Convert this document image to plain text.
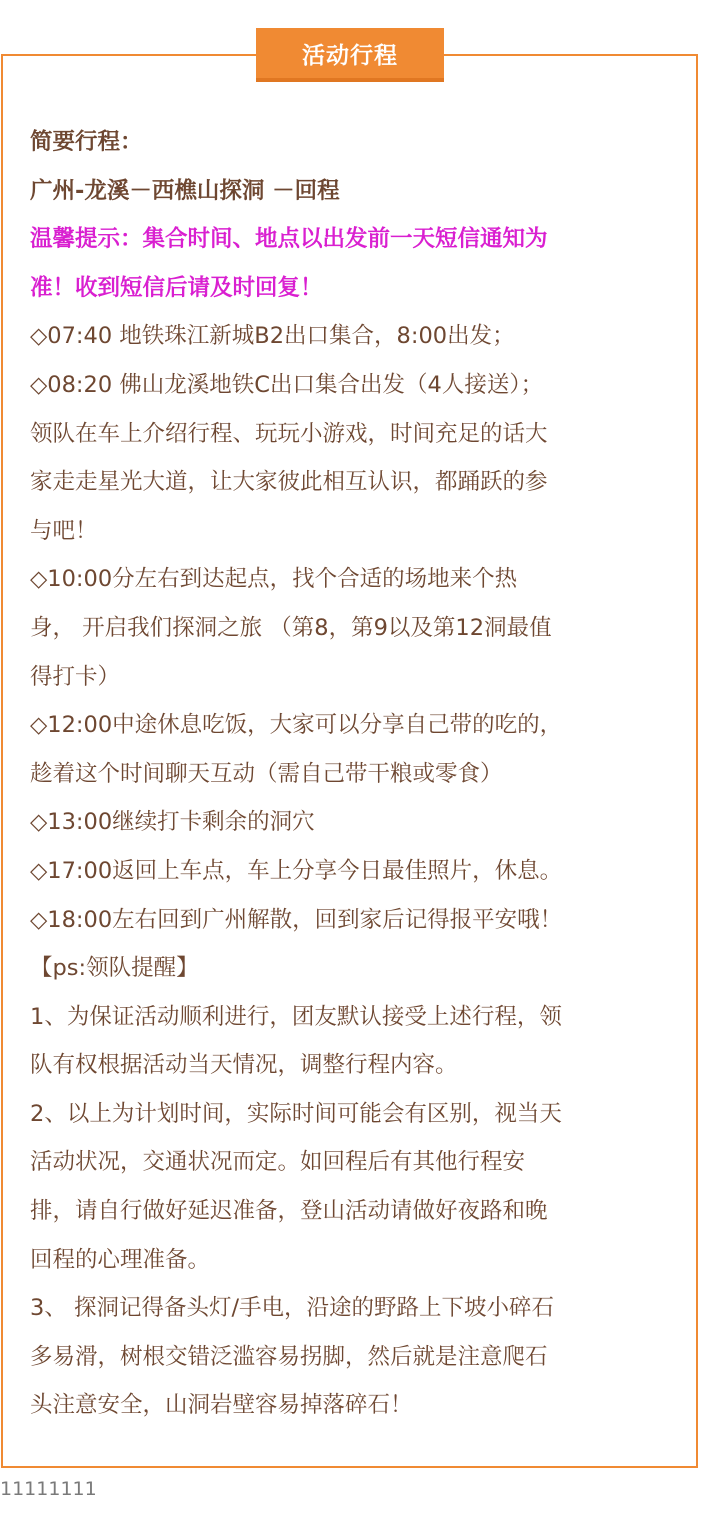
活动行程
简要行程：
广州-龙溪－西樵山探洞 －回程
温馨提示：集合时间、地点以出发前一天短信通知为
准！收到短信后请及时回复！
◇07:40 地铁珠江新城B2出口集合，8:00出发；
◇08:20 佛山龙溪地铁C出口集合出发（4人接送）；
领队在车上介绍行程、玩玩小游戏，时间充足的话大
家走走星光大道，让大家彼此相互认识，都踊跃的参
与吧！
◇10:00分左右到达起点，找个合适的场地来个热
身， 开启我们探洞之旅 （第8，第9以及第12洞最值
得打卡）
◇12:00中途休息吃饭，大家可以分享自己带的吃的，
趁着这个时间聊天互动（需自己带干粮或零食）
◇13:00继续打卡剩余的洞穴
◇17:00返回上车点，车上分享今日最佳照片，休息。
◇18:00左右回到广州解散，回到家后记得报平安哦！
【ps:领队提醒】
1、为保证活动顺利进行，团友默认接受上述行程，领
队有权根据活动当天情况，调整行程内容。
2、以上为计划时间，实际时间可能会有区别，视当天
活动状况，交通状况而定。如回程后有其他行程安
排，请自行做好延迟准备，登山活动请做好夜路和晚
回程的心理准备。
3、 探洞记得备头灯/手电，沿途的野路上下坡小碎石
多易滑，树根交错泛滥容易拐脚，然后就是注意爬石
头注意安全，山洞岩壁容易掉落碎石！
11111111
